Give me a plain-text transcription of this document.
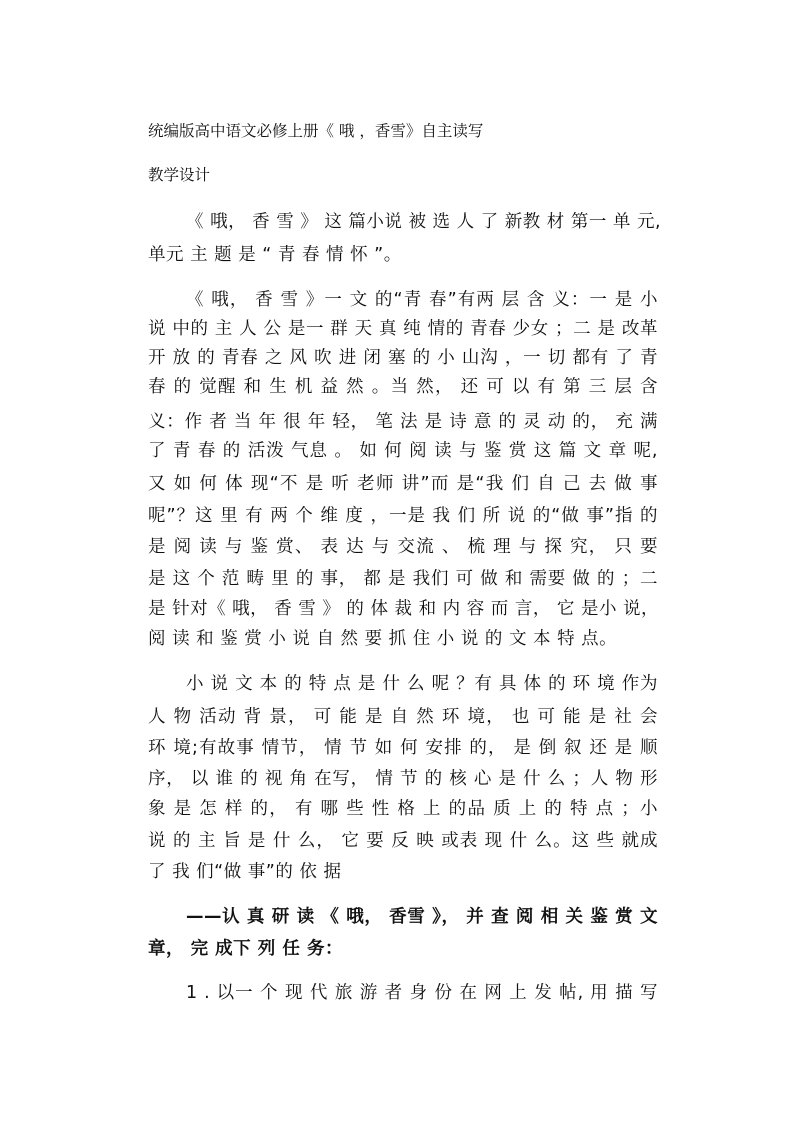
统编版高中语文必修上册《 哦 ，香雪》自主读写
教学设计
《 哦， 香 雪 》 这 篇小说 被 选 人 了 新教 材 第一 单 元,
单元 主 题 是 “ 青 春 情 怀 ”。
《 哦， 香 雪 》一 文 的“青 春”有两 层 含 义：一 是 小
说 中的 主 人 公 是一 群 天 真 纯 情的 青春 少女 ；二 是 改革
开 放 的 青春 之 风 吹 进 闭 塞 的 小 山沟 ，一 切 都有 了 青
春 的 觉醒 和 生 机 益 然 。当 然， 还 可 以 有 第 三 层 含
义：作 者 当 年 很 年 轻， 笔 法 是 诗 意 的 灵 动 的， 充 满
了 青 春 的 活泼 气息 。 如 何 阅 读 与 鉴 赏 这 篇 文 章 呢,
又 如 何 体 现“不 是 听 老师 讲”而 是“我 们 自 己 去 做 事
呢”？这 里 有 两 个 维 度 ，一是 我 们 所 说 的“做 事”指 的
是 阅 读 与 鉴 赏、 表 达 与 交流 、 梳 理 与 探 究， 只 要
是 这 个 范 畴 里 的 事， 都 是 我们 可 做 和 需要 做 的 ；二
是 针对《 哦， 香 雪 》 的 体 裁 和 内 容 而 言， 它 是小 说，
阅 读 和 鉴 赏 小 说 自 然 要 抓 住 小 说 的 文 本 特 点。
小 说 文 本 的 特 点 是 什 么 呢 ？有 具 体 的 环 境 作为
人 物 活动 背 景， 可 能 是 自 然 环 境， 也 可 能 是 社 会
环 境;有故事 情节， 情 节 如 何 安排 的， 是 倒 叙 还 是 顺
序， 以 谁 的 视 角 在写， 情 节 的 核 心 是 什 么 ；人 物 形
象 是 怎 样 的， 有 哪 些 性 格 上 的品 质 上 的 特 点 ；小
说 的 主 旨 是 什 么， 它 要 反 映 或表 现 什 么。这 些 就成
了 我 们“做 事”的 依 据
——认 真 研 读 《 哦， 香雪 》， 并 查 阅 相 关 鉴 赏 文
章， 完 成下 列 任 务：
1 . 以一 个 现 代 旅 游 者 身 份 在 网 上 发 帖, 用 描 写
